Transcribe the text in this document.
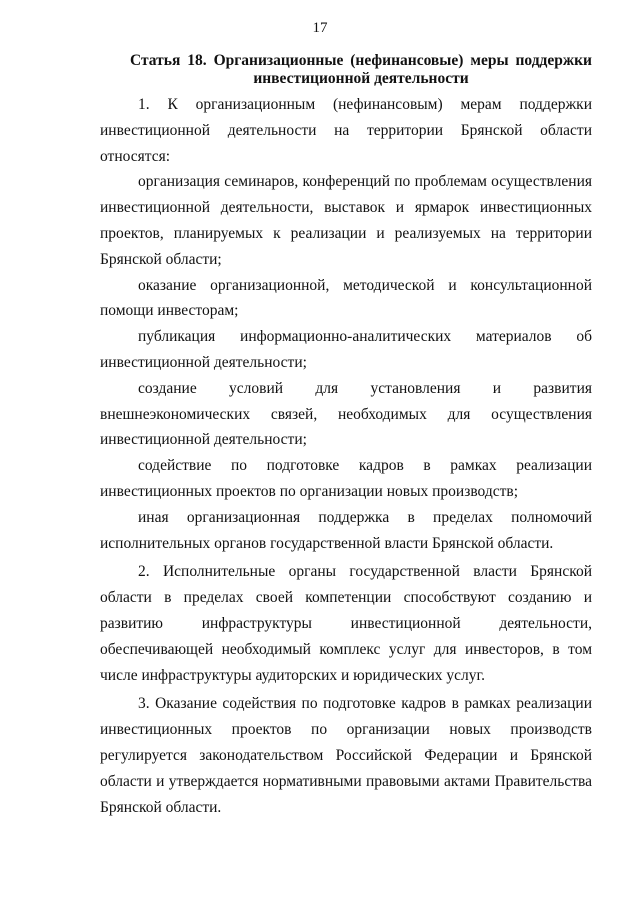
17
Статья 18. Организационные (нефинансовые) меры поддержки
инвестиционной деятельности

1. К организационным (нефинансовым) мерам поддержки инвестиционной деятельности на территории Брянской области относятся:

организация семинаров, конференций по проблемам осуществления инвестиционной деятельности, выставок и ярмарок инвестиционных проектов, планируемых к реализации и реализуемых на территории Брянской области;

оказание организационной, методической и консультационной помощи инвесторам;

публикация информационно-аналитических материалов об инвестиционной деятельности;

создание условий для установления и развития внешнеэкономических связей, необходимых для осуществления инвестиционной деятельности;

содействие по подготовке кадров в рамках реализации инвестиционных проектов по организации новых производств;

иная организационная поддержка в пределах полномочий исполнительных органов государственной власти Брянской области.

2. Исполнительные органы государственной власти Брянской области в пределах своей компетенции способствуют созданию и развитию инфраструктуры инвестиционной деятельности, обеспечивающей необходимый комплекс услуг для инвесторов, в том числе инфраструктуры аудиторских и юридических услуг.

3. Оказание содействия по подготовке кадров в рамках реализации инвестиционных проектов по организации новых производств регулируется законодательством Российской Федерации и Брянской области и утверждается нормативными правовыми актами Правительства Брянской области.
